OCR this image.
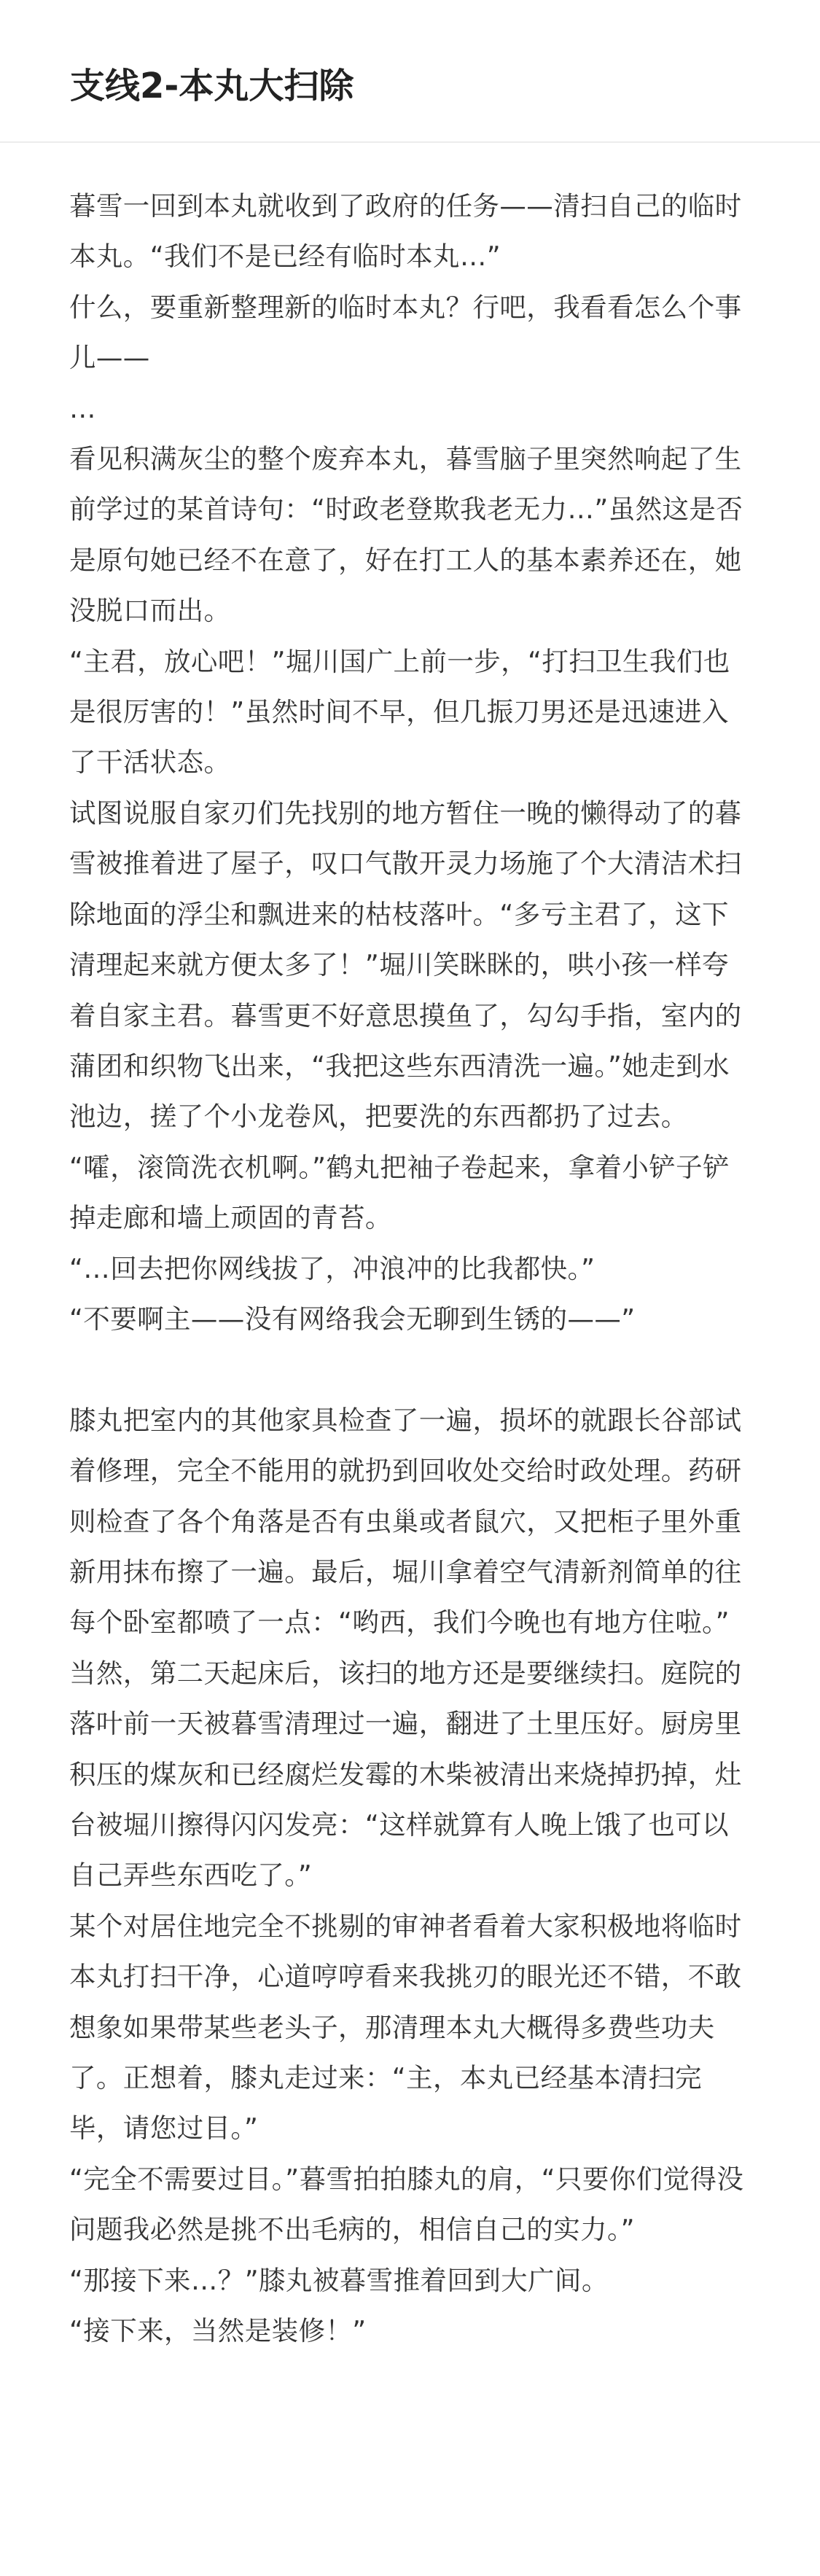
支线2-本丸大扫除

暮雪一回到本丸就收到了政府的任务——清扫自己的临时本丸。“我们不是已经有临时本丸…”

什么，要重新整理新的临时本丸？行吧，我看看怎么个事儿——

…

看见积满灰尘的整个废弃本丸，暮雪脑子里突然响起了生前学过的某首诗句：“时政老登欺我老无力…”虽然这是否是原句她已经不在意了，好在打工人的基本素养还在，她没脱口而出。

“主君，放心吧！”堀川国广上前一步，“打扫卫生我们也是很厉害的！”虽然时间不早，但几振刀男还是迅速进入了干活状态。

试图说服自家刃们先找别的地方暂住一晚的懒得动了的暮雪被推着进了屋子，叹口气散开灵力场施了个大清洁术扫除地面的浮尘和飘进来的枯枝落叶。“多亏主君了，这下清理起来就方便太多了！”堀川笑眯眯的，哄小孩一样夸着自家主君。暮雪更不好意思摸鱼了，勾勾手指，室内的蒲团和织物飞出来，“我把这些东西清洗一遍。”她走到水池边，搓了个小龙卷风，把要洗的东西都扔了过去。

“嚯，滚筒洗衣机啊。”鹤丸把袖子卷起来，拿着小铲子铲掉走廊和墙上顽固的青苔。

“…回去把你网线拔了，冲浪冲的比我都快。”

“不要啊主——没有网络我会无聊到生锈的——”

膝丸把室内的其他家具检查了一遍，损坏的就跟长谷部试着修理，完全不能用的就扔到回收处交给时政处理。药研则检查了各个角落是否有虫巢或者鼠穴，又把柜子里外重新用抹布擦了一遍。最后，堀川拿着空气清新剂简单的往每个卧室都喷了一点：“哟西，我们今晚也有地方住啦。”

当然，第二天起床后，该扫的地方还是要继续扫。庭院的落叶前一天被暮雪清理过一遍，翻进了土里压好。厨房里积压的煤灰和已经腐烂发霉的木柴被清出来烧掉扔掉，灶台被堀川擦得闪闪发亮：“这样就算有人晚上饿了也可以自己弄些东西吃了。”

某个对居住地完全不挑剔的审神者看着大家积极地将临时本丸打扫干净，心道哼哼看来我挑刃的眼光还不错，不敢想象如果带某些老头子，那清理本丸大概得多费些功夫了。正想着，膝丸走过来：“主，本丸已经基本清扫完毕，请您过目。”

“完全不需要过目。”暮雪拍拍膝丸的肩，“只要你们觉得没问题我必然是挑不出毛病的，相信自己的实力。”

“那接下来…？”膝丸被暮雪推着回到大广间。

“接下来，当然是装修！”
